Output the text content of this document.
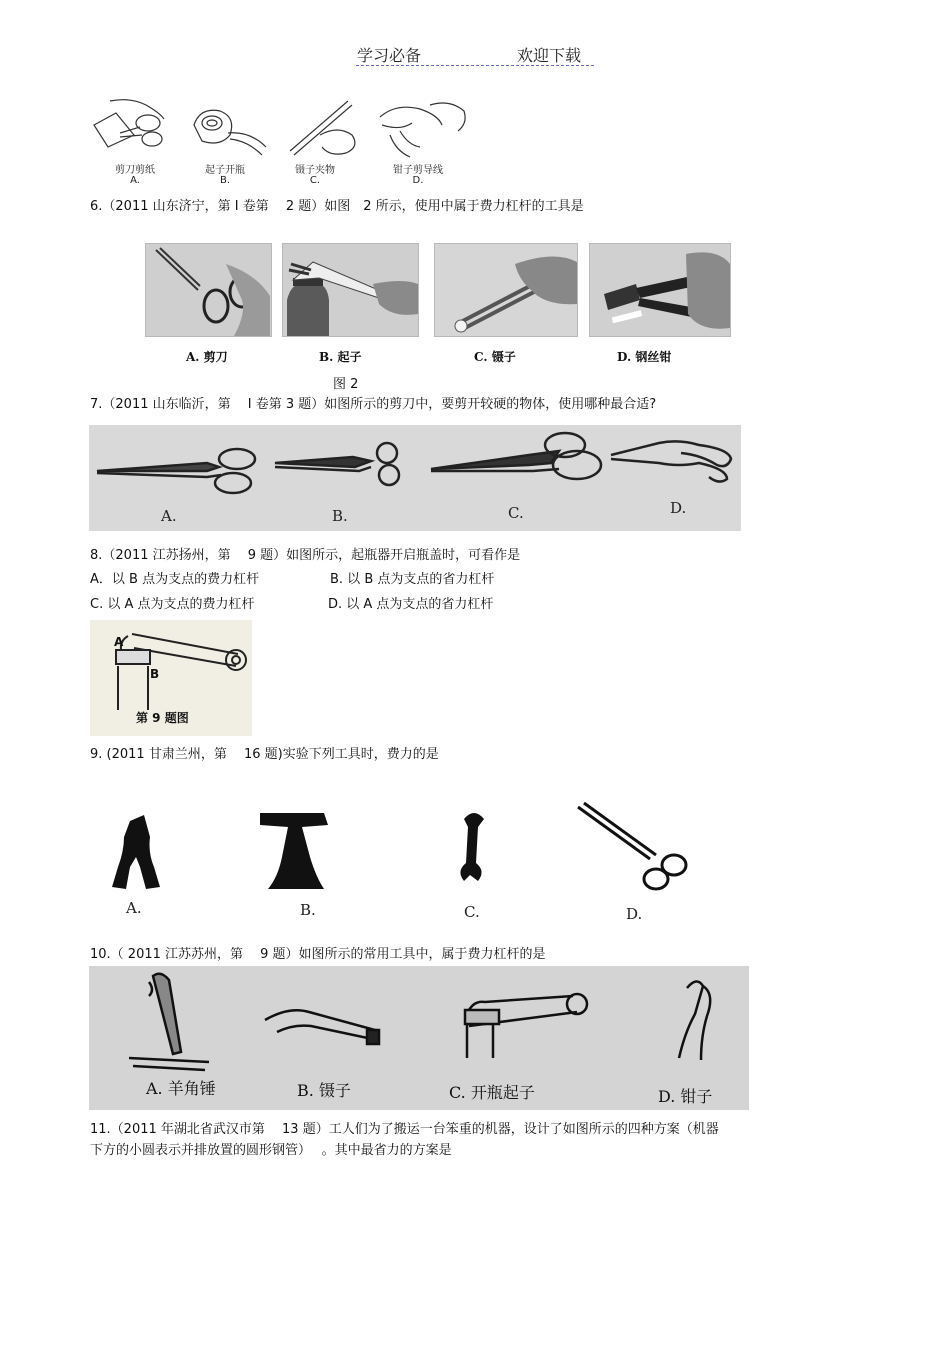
学习必备	欢迎下载
剪刀剪纸	起子开瓶	镊子夹物	钳子剪导线
A.	B.	C.	D.
6.（2011 山东济宁，第 I 卷第　 2 题）如图　2 所示，使用中属于费力杠杆的工具是
A. 剪刀	B. 起子	C. 镊子	D. 钢丝钳
图 2
7.（2011 山东临沂，第　 I 卷第 3 题）如图所示的剪刀中，要剪开较硬的物体，使用哪种最合适?
A.	B.	C.	D.
8.（2011 江苏扬州，第　 9 题）如图所示，起瓶器开启瓶盖时，可看作是
A．以 B 点为支点的费力杠杆	B. 以 B 点为支点的省力杠杆
C. 以 A 点为支点的费力杠杆	D. 以 A 点为支点的省力杠杆
A
B
第 9 题图
9. (2011 甘肃兰州，第　 16 题)实验下列工具时，费力的是
A.	B.	C.	D.
10.（ 2011 江苏苏州，第　 9 题）如图所示的常用工具中，属于费力杠杆的是
A. 羊角锤	B. 镊子	C. 开瓶起子	D. 钳子
11.（2011 年湖北省武汉市第　 13 题）工人们为了搬运一台笨重的机器，设计了如图所示的四种方案（机器
下方的小圆表示并排放置的圆形钢管）　 。其中最省力的方案是
